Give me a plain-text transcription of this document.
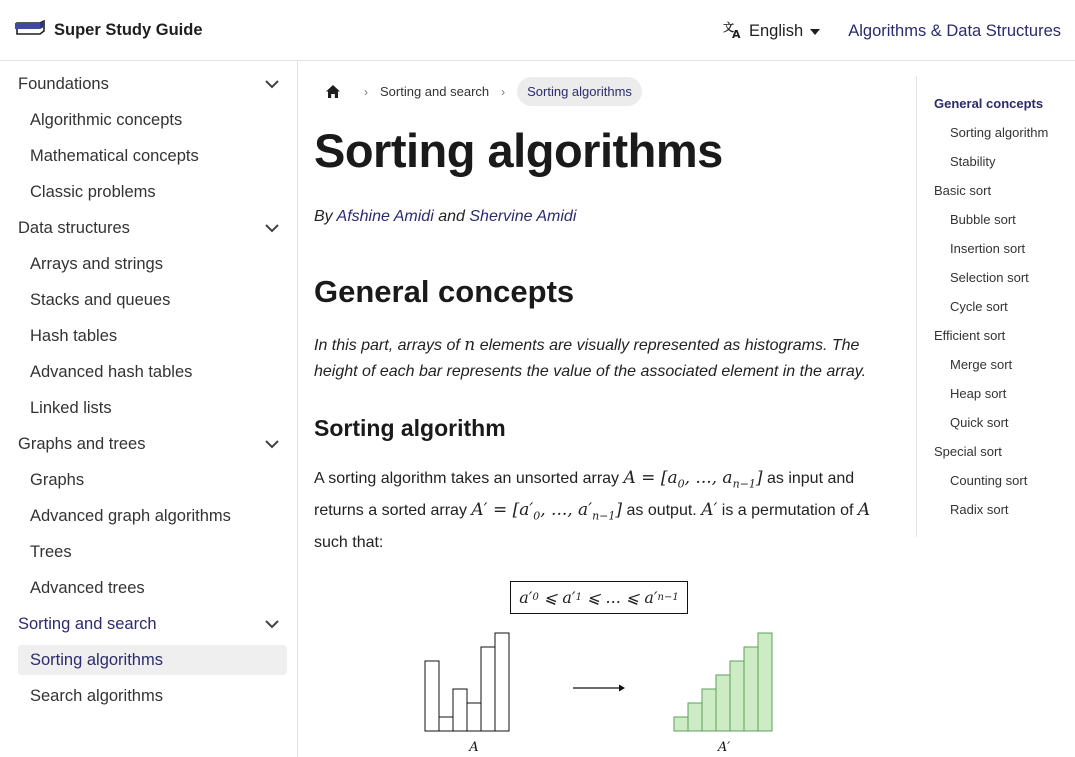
Super Study Guide	文
A English	Algorithms & Data Structures
Foundations
Algorithmic concepts
Mathematical concepts
Classic problems
Data structures
Arrays and strings
Stacks and queues
Hash tables
Advanced hash tables
Linked lists
Graphs and trees
Graphs
Advanced graph algorithms
Trees
Advanced trees
Sorting and search
Sorting algorithms
Search algorithms
› Sorting and search ›	Sorting algorithms
Sorting algorithms
By Afshine Amidi and Shervine Amidi
General concepts
In this part, arrays of n elements are visually represented as histograms. The height of each bar represents the value of the associated element in the array.
Sorting algorithm
A sorting algorithm takes an unsorted array $A = [a_0$, ..., $a_{n-1}$] as input and returns a sorted array $A' = [a'_0$, ..., $a'_{n-1}$] as output. A′ is a permutation of A such that:
a′ 0 ⩽ a′ 1 ⩽ ... ⩽ a′ n−1
A	A′
General concepts
Sorting algorithm
Stability
Basic sort
Bubble sort
Insertion sort
Selection sort
Cycle sort
Efficient sort
Merge sort
Heap sort
Quick sort
Special sort
Counting sort
Radix sort
